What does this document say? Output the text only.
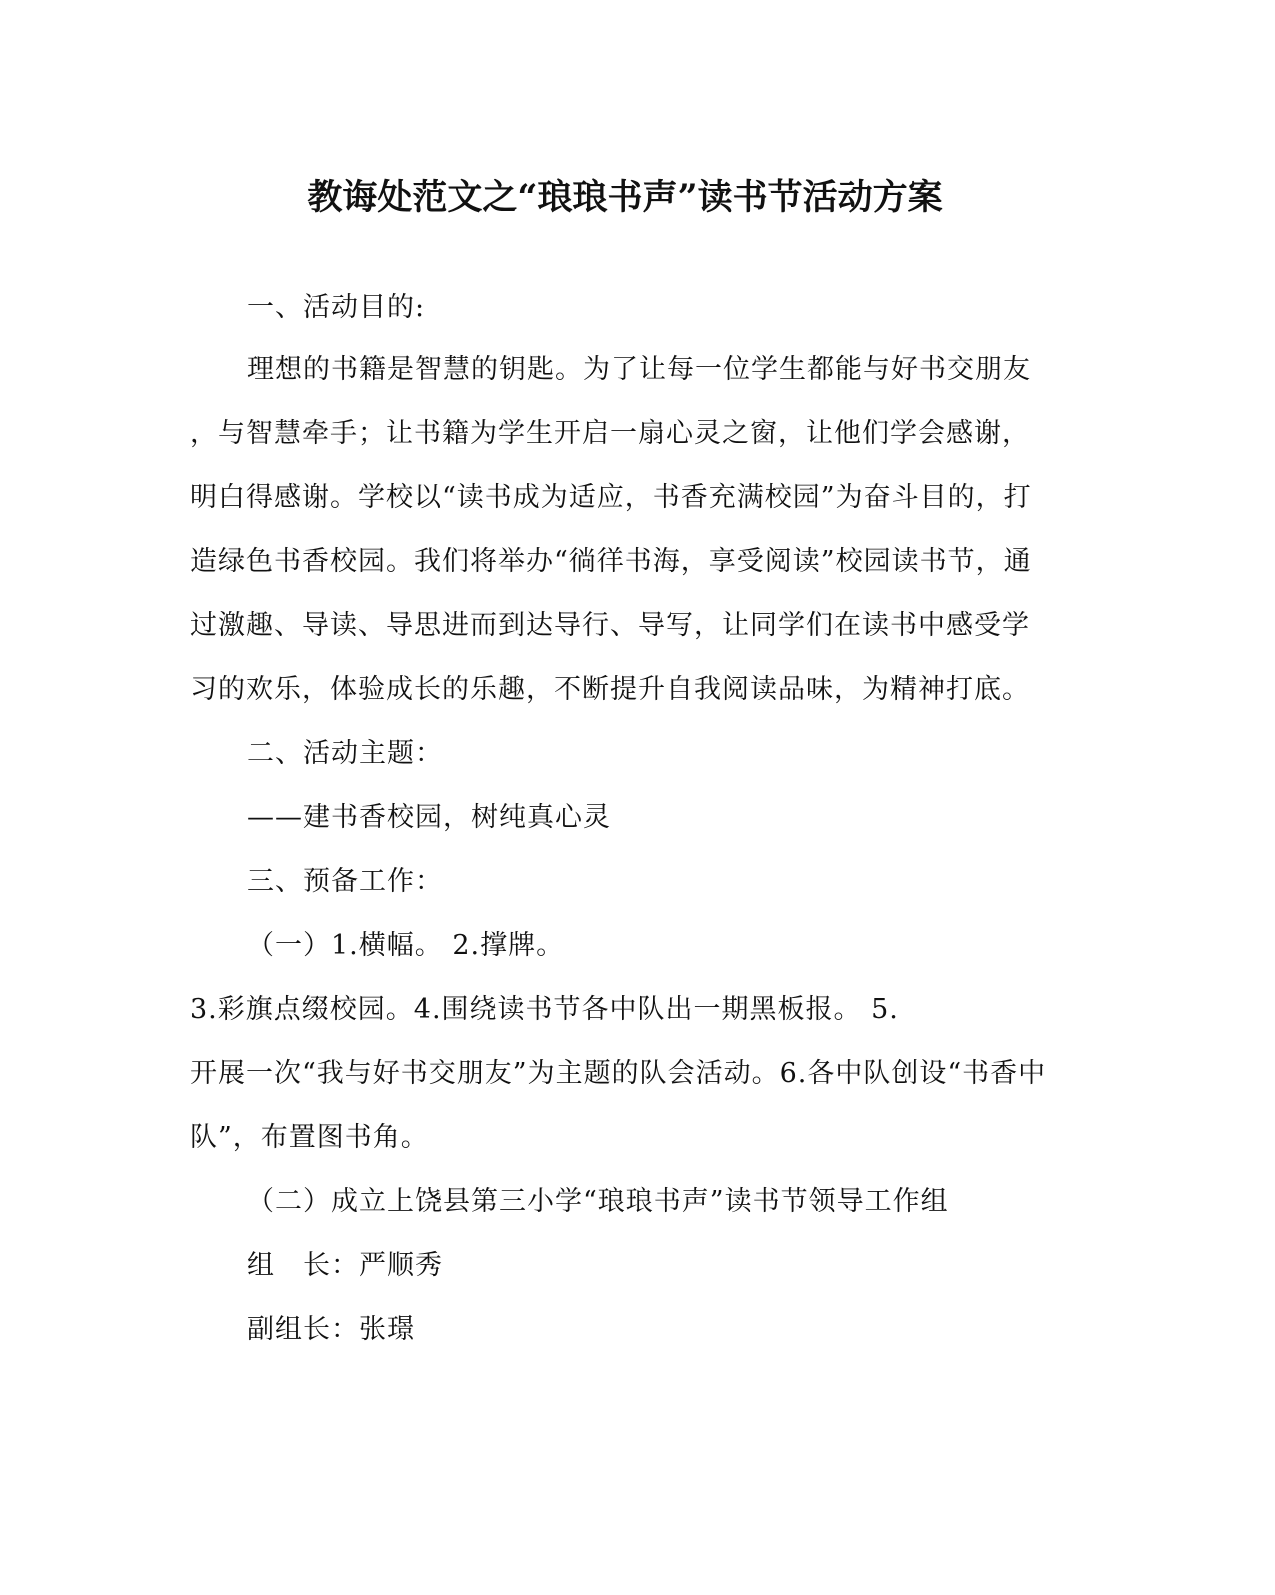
教诲处范文之“琅琅书声”读书节活动方案
一、活动目的:
理想的书籍是智慧的钥匙。为了让每一位学生都能与好书交朋友
，与智慧牵手；让书籍为学生开启一扇心灵之窗，让他们学会感谢，
明白得感谢。学校以“读书成为适应，书香充满校园”为奋斗目的，打
造绿色书香校园。我们将举办“徜徉书海，享受阅读”校园读书节，通
过激趣、导读、导思进而到达导行、导写，让同学们在读书中感受学
习的欢乐，体验成长的乐趣，不断提升自我阅读品味，为精神打底。
二、活动主题：
——建书香校园，树纯真心灵
三、预备工作：
（一）1.横幅。 2.撑牌。
3.彩旗点缀校园。4.围绕读书节各中队出一期黑板报。 5.
开展一次“我与好书交朋友”为主题的队会活动。6.各中队创设“书香中
队”，布置图书角。
（二）成立上饶县第三小学“琅琅书声”读书节领导工作组
组　长：严顺秀
副组长：张璟
